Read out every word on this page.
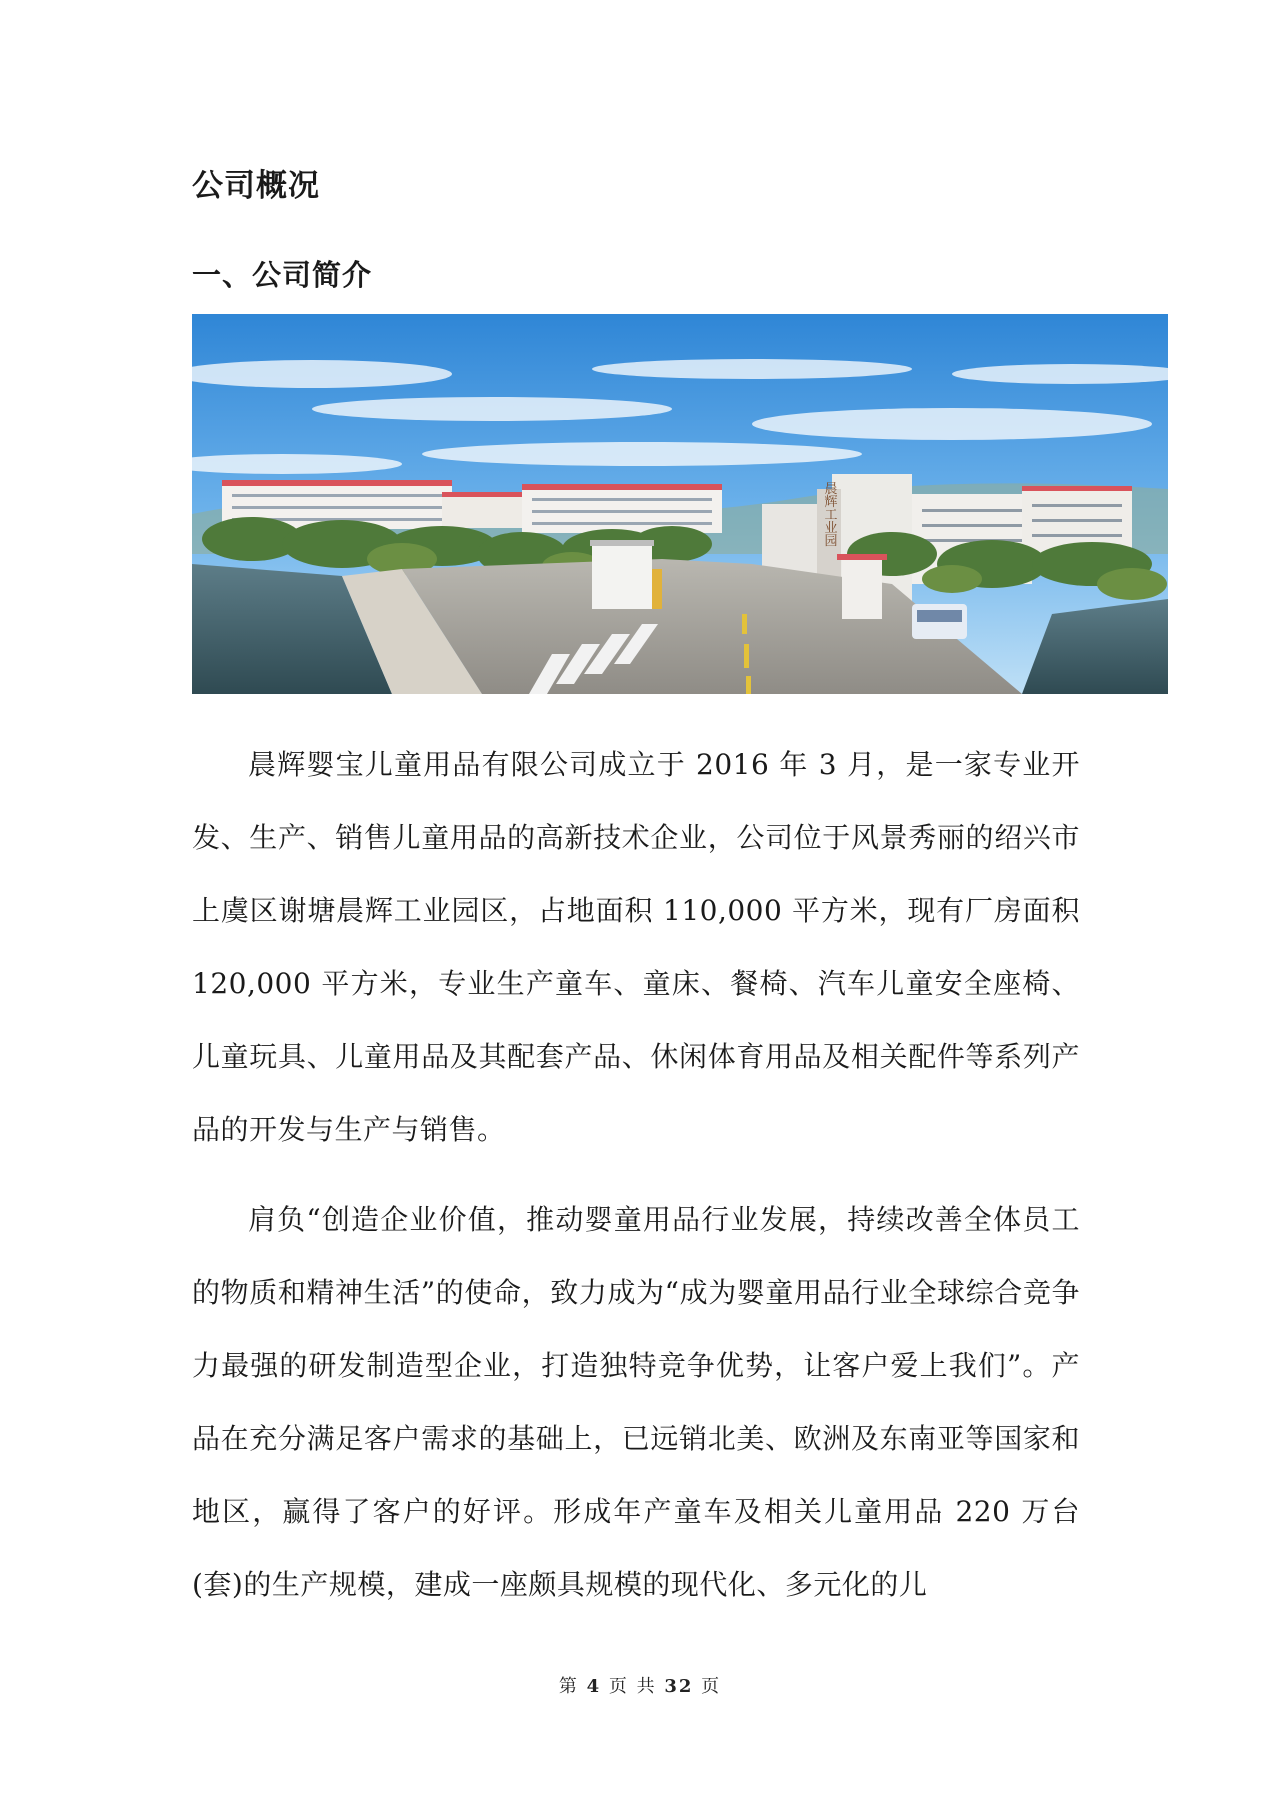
公司概况
一、公司简介
晨辉工业园

晨辉婴宝儿童用品有限公司成立于 2016 年 3 月，是一家专业开发、生产、销售儿童用品的高新技术企业，公司位于风景秀丽的绍兴市上虞区谢塘晨辉工业园区，占地面积 110,000 平方米，现有厂房面积 120,000 平方米，专业生产童车、童床、餐椅、汽车儿童安全座椅、儿童玩具、儿童用品及其配套产品、休闲体育用品及相关配件等系列产品的开发与生产与销售。

肩负“创造企业价值，推动婴童用品行业发展，持续改善全体员工的物质和精神生活”的使命，致力成为“成为婴童用品行业全球综合竞争力最强的研发制造型企业，打造独特竞争优势，让客户爱上我们”。产品在充分满足客户需求的基础上，已远销北美、欧洲及东南亚等国家和地区，赢得了客户的好评。形成年产童车及相关儿童用品 220 万台(套)的生产规模，建成一座颇具规模的现代化、多元化的儿

第 4 页 共 32 页
